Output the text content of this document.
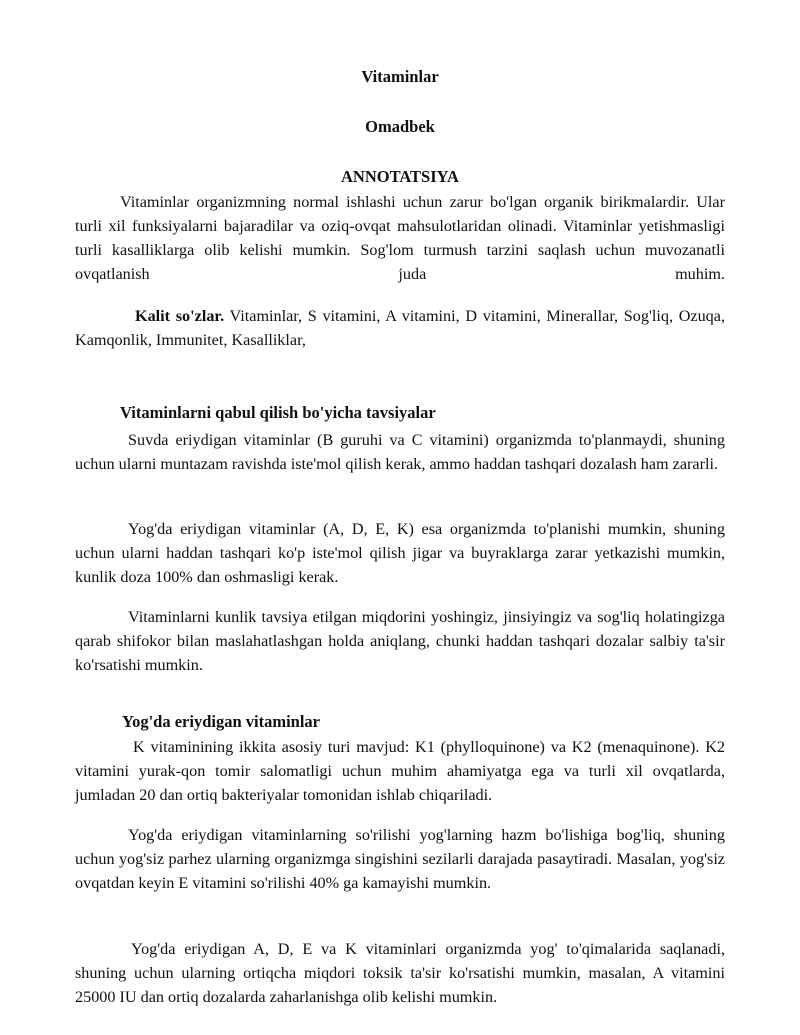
Vitaminlar

Omadbek

ANNOTATSIYA

Vitaminlar organizmning normal ishlashi uchun zarur bo'lgan organik birikmalardir. Ular turli xil funksiyalarni bajaradilar va oziq-ovqat mahsulotlaridan olinadi. Vitaminlar yetishmasligi turli kasalliklarga olib kelishi mumkin. Sog'lom turmush tarzini saqlash uchun muvozanatli ovqatlanish juda muhim.

Kalit so'zlar. Vitaminlar, S vitamini, A vitamini, D vitamini, Minerallar, Sog'liq, Ozuqa, Kamqonlik, Immunitet, Kasalliklar,

Vitaminlarni qabul qilish bo'yicha tavsiyalar

Suvda eriydigan vitaminlar (B guruhi va C vitamini) organizmda to'planmaydi, shuning uchun ularni muntazam ravishda iste'mol qilish kerak, ammo haddan tashqari dozalash ham zararli.

Yog'da eriydigan vitaminlar (A, D, E, K) esa organizmda to'planishi mumkin, shuning uchun ularni haddan tashqari ko'p iste'mol qilish jigar va buyraklarga zarar yetkazishi mumkin, kunlik doza 100% dan oshmasligi kerak.

Vitaminlarni kunlik tavsiya etilgan miqdorini yoshingiz, jinsiyingiz va sog'liq holatingizga qarab shifokor bilan maslahatlashgan holda aniqlang, chunki haddan tashqari dozalar salbiy ta'sir ko'rsatishi mumkin.

Yog'da eriydigan vitaminlar

K vitaminining ikkita asosiy turi mavjud: K1 (phylloquinone) va K2 (menaquinone). K2 vitamini yurak-qon tomir salomatligi uchun muhim ahamiyatga ega va turli xil ovqatlarda, jumladan 20 dan ortiq bakteriyalar tomonidan ishlab chiqariladi.

Yog'da eriydigan vitaminlarning so'rilishi yog'larning hazm bo'lishiga bog'liq, shuning uchun yog'siz parhez ularning organizmga singishini sezilarli darajada pasaytiradi. Masalan, yog'siz ovqatdan keyin E vitamini so'rilishi 40% ga kamayishi mumkin.

Yog'da eriydigan A, D, E va K vitaminlari organizmda yog' to'qimalarida saqlanadi, shuning uchun ularning ortiqcha miqdori toksik ta'sir ko'rsatishi mumkin, masalan, A vitamini 25000 IU dan ortiq dozalarda zaharlanishga olib kelishi mumkin.
